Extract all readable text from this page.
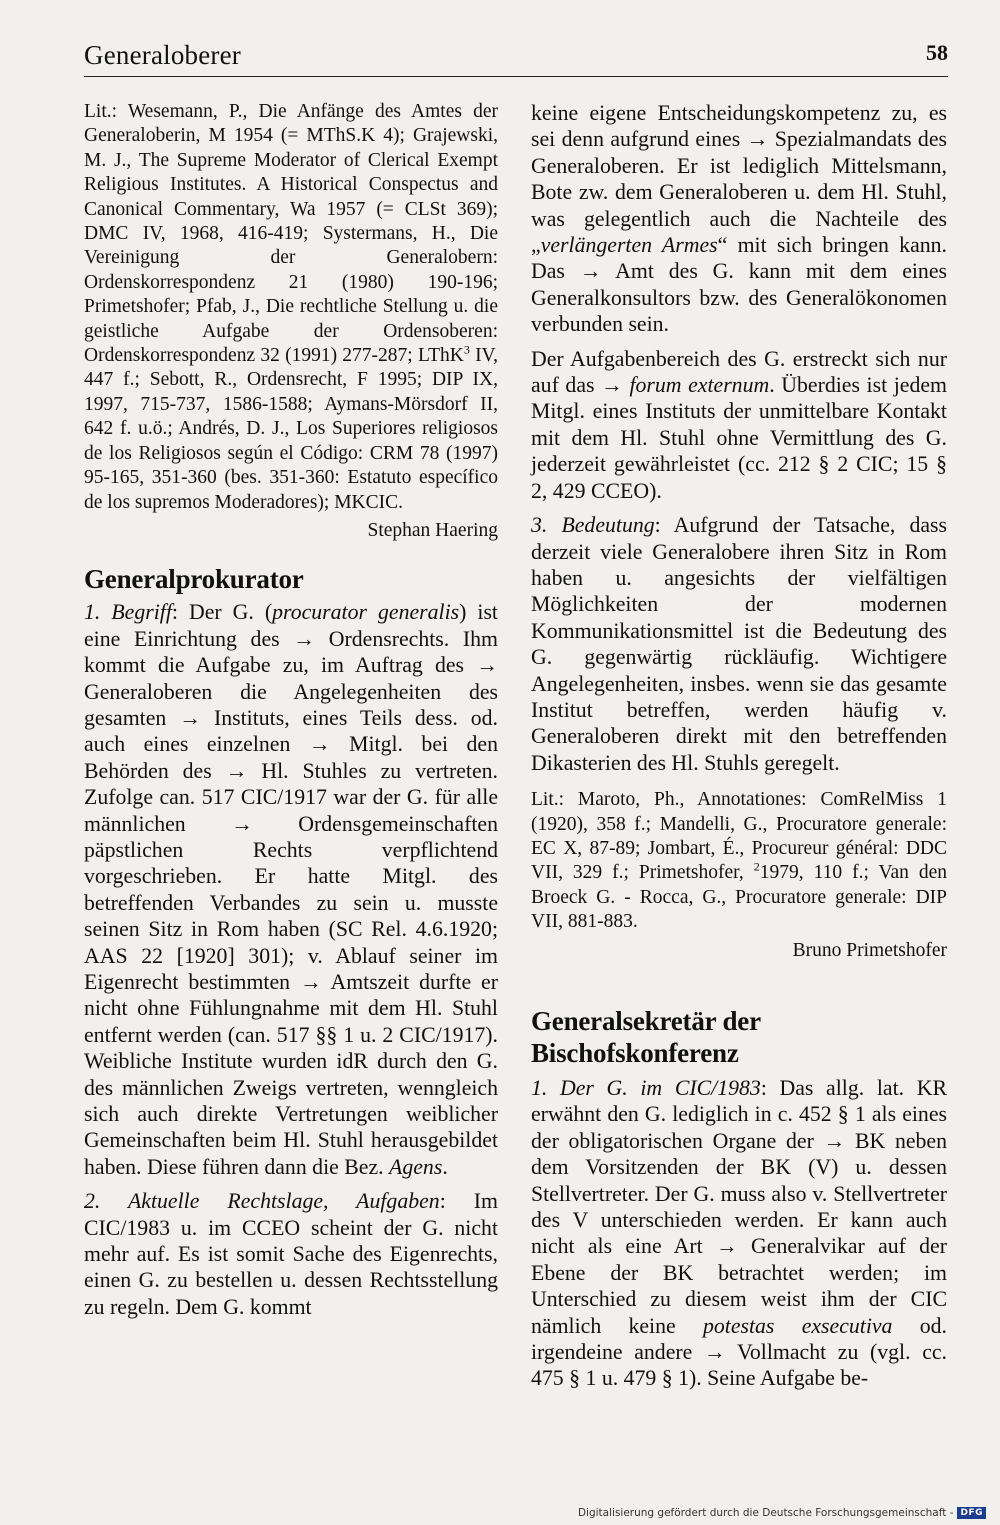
Generaloberer	58

Lit.: Wesemann, P., Die Anfänge des Amtes der Generaloberin, M 1954 (= MThS.K 4); Grajewski, M. J., The Supreme Moderator of Clerical Exempt Religious Institutes. A Historical Conspectus and Canonical Commentary, Wa 1957 (= CLSt 369); DMC IV, 1968, 416-419; Systermans, H., Die Vereinigung der Generalobern: Ordenskorrespondenz 21 (1980) 190-196; Primetshofer; Pfab, J., Die rechtliche Stellung u. die geistliche Aufgabe der Ordensoberen: Ordenskorrespondenz 32 (1991) 277-287; LThK$^3$ IV, 447 f.; Sebott, R., Ordensrecht, F 1995; DIP IX, 1997, 715-737, 1586-1588; Aymans-Mörsdorf II, 642 f. u.ö.; Andrés, D. J., Los Superiores religiosos de los Religiosos según el Código: CRM 78 (1997) 95-165, 351-360 (bes. 351-360: Estatuto específico de los supremos Moderadores); MKCIC.

Stephan Haering

Generalprokurator

1. Begriff: Der G. (procurator generalis) ist eine Einrichtung des → Ordensrechts. Ihm kommt die Aufgabe zu, im Auftrag des → Generaloberen die Angelegenheiten des gesamten → Instituts, eines Teils dess. od. auch eines einzelnen → Mitgl. bei den Behörden des → Hl. Stuhles zu vertreten. Zufolge can. 517 CIC/1917 war der G. für alle männlichen → Ordensgemeinschaften päpstlichen Rechts verpflichtend vorgeschrieben. Er hatte Mitgl. des betreffenden Verbandes zu sein u. musste seinen Sitz in Rom haben (SC Rel. 4.6.1920; AAS 22 [1920] 301); v. Ablauf seiner im Eigenrecht bestimmten → Amtszeit durfte er nicht ohne Fühlungnahme mit dem Hl. Stuhl entfernt werden (can. 517 §§ 1 u. 2 CIC/1917). Weibliche Institute wurden idR durch den G. des männlichen Zweigs vertreten, wenngleich sich auch direkte Vertretungen weiblicher Gemeinschaften beim Hl. Stuhl herausgebildet haben. Diese führen dann die Bez. Agens.

2. Aktuelle Rechtslage, Aufgaben: Im CIC/1983 u. im CCEO scheint der G. nicht mehr auf. Es ist somit Sache des Eigenrechts, einen G. zu bestellen u. dessen Rechtsstellung zu regeln. Dem G. kommt

keine eigene Entscheidungskompetenz zu, es sei denn aufgrund eines → Spezialmandats des Generaloberen. Er ist lediglich Mittelsmann, Bote zw. dem Generaloberen u. dem Hl. Stuhl, was gelegentlich auch die Nachteile des „verlängerten Armes“ mit sich bringen kann. Das → Amt des G. kann mit dem eines Generalkonsultors bzw. des Generalökonomen verbunden sein.

Der Aufgabenbereich des G. erstreckt sich nur auf das → forum externum. Überdies ist jedem Mitgl. eines Instituts der unmittelbare Kontakt mit dem Hl. Stuhl ohne Vermittlung des G. jederzeit gewährleistet (cc. 212 § 2 CIC; 15 § 2, 429 CCEO).

3. Bedeutung: Aufgrund der Tatsache, dass derzeit viele Generalobere ihren Sitz in Rom haben u. angesichts der vielfältigen Möglichkeiten der modernen Kommunikationsmittel ist die Bedeutung des G. gegenwärtig rückläufig. Wichtigere Angelegenheiten, insbes. wenn sie das gesamte Institut betreffen, werden häufig v. Generaloberen direkt mit den betreffenden Dikasterien des Hl. Stuhls geregelt.

Lit.: Maroto, Ph., Annotationes: ComRelMiss 1 (1920), 358 f.; Mandelli, G., Procuratore generale: EC X, 87-89; Jombart, É., Procureur général: DDC VII, 329 f.; Primetshofer, $^2$1979, 110 f.; Van den Broeck G. - Rocca, G., Procuratore generale: DIP VII, 881-883.

Bruno Primetshofer

Generalsekretär der Bischofskonferenz

1. Der G. im CIC/1983: Das allg. lat. KR erwähnt den G. lediglich in c. 452 § 1 als eines der obligatorischen Organe der → BK neben dem Vorsitzenden der BK (V) u. dessen Stellvertreter. Der G. muss also v. Stellvertreter des V unterschieden werden. Er kann auch nicht als eine Art → Generalvikar auf der Ebene der BK betrachtet werden; im Unterschied zu diesem weist ihm der CIC nämlich keine potestas exsecutiva od. irgendeine andere → Vollmacht zu (vgl. cc. 475 § 1 u. 479 § 1). Seine Aufgabe be-

Digitalisierung gefördert durch die Deutsche Forschungsgemeinschaft - DFG
